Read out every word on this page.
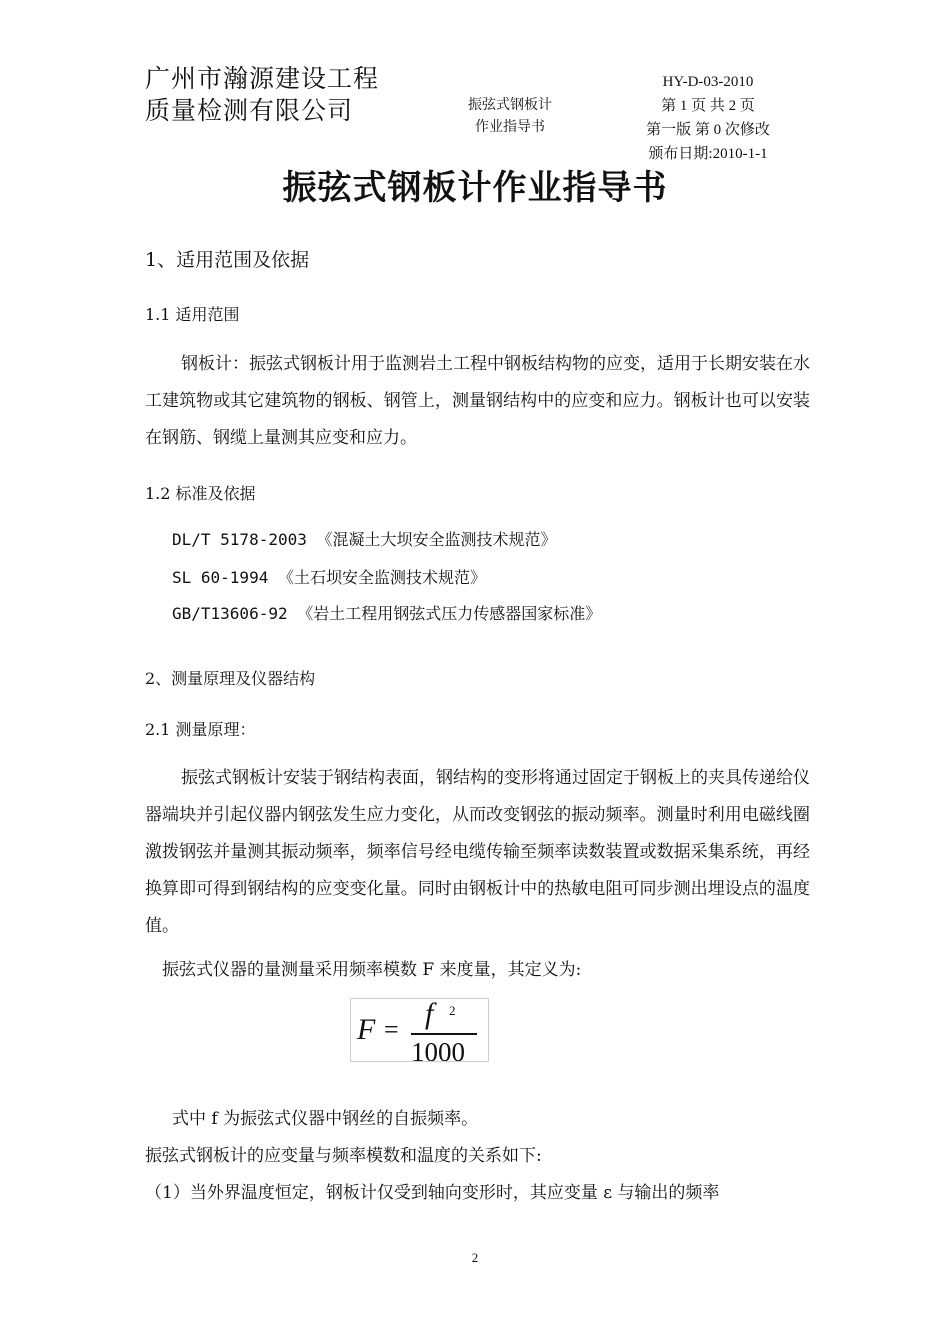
广州市瀚源建设工程
质量检测有限公司	振弦式钢板计
作业指导书
HY-D-03-2010
第 1 页 共 2 页
第一版 第 0 次修改
颁布日期:2010-1-1
振弦式钢板计作业指导书
1、适用范围及依据
1.1 适用范围
钢板计：振弦式钢板计用于监测岩土工程中钢板结构物的应变，适用于长期安装在水工建筑物或其它建筑物的钢板、钢管上，测量钢结构中的应变和应力。钢板计也可以安装在钢筋、钢缆上量测其应变和应力。
1.2 标准及依据
DL/T 5178-2003 《混凝土大坝安全监测技术规范》
SL 60-1994 《土石坝安全监测技术规范》
GB/T13606-92 《岩土工程用钢弦式压力传感器国家标准》
2、测量原理及仪器结构
2.1 测量原理：
振弦式钢板计安装于钢结构表面，钢结构的变形将通过固定于钢板上的夹具传递给仪器端块并引起仪器内钢弦发生应力变化，从而改变钢弦的振动频率。测量时利用电磁线圈激拨钢弦并量测其振动频率，频率信号经电缆传输至频率读数装置或数据采集系统，再经换算即可得到钢结构的应变变化量。同时由钢板计中的热敏电阻可同步测出埋设点的温度值。
振弦式仪器的量测量采用频率模数 F 来度量，其定义为:
F = f 2
1000
式中 f 为振弦式仪器中钢丝的自振频率。
振弦式钢板计的应变量与频率模数和温度的关系如下:
（1）当外界温度恒定，钢板计仅受到轴向变形时，其应变量 ε 与输出的频率
2
